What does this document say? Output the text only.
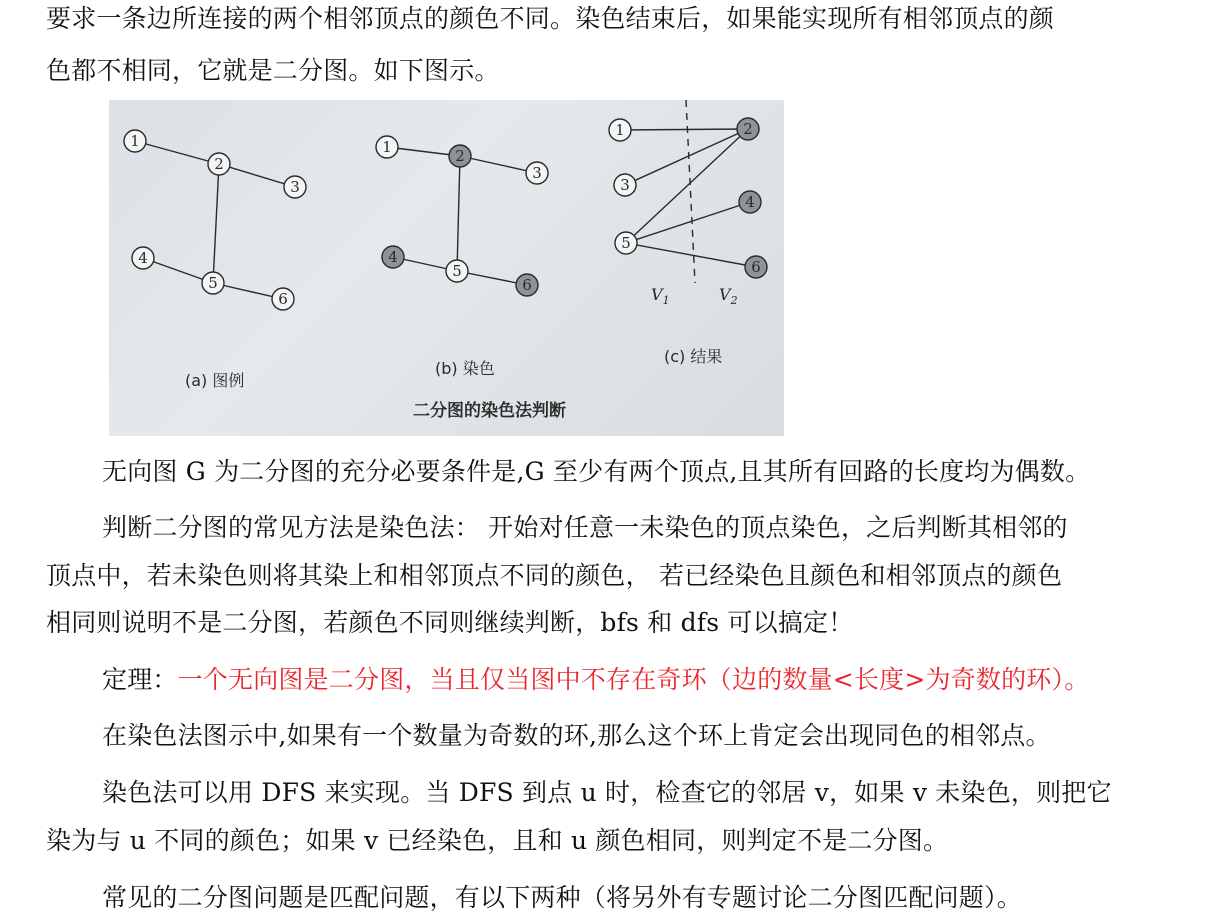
要求一条边所连接的两个相邻顶点的颜色不同。染色结束后，如果能实现所有相邻顶点的颜
色都不相同，它就是二分图。如下图示。
1
2
3
4
5
6
1	2
3
4
5
6
1	2
3
4
5
6
$V_1$	$V_2$
(a) 图例
(b) 染色
(c) 结果
二分图的染色法判断
无向图 G 为二分图的充分必要条件是,G 至少有两个顶点,且其所有回路的长度均为偶数。
判断二分图的常见方法是染色法： 开始对任意一未染色的顶点染色，之后判断其相邻的
顶点中，若未染色则将其染上和相邻顶点不同的颜色， 若已经染色且颜色和相邻顶点的颜色
相同则说明不是二分图，若颜色不同则继续判断，bfs 和 dfs 可以搞定！
定理：一个无向图是二分图，当且仅当图中不存在奇环（边的数量<长度>为奇数的环）。
在染色法图示中,如果有一个数量为奇数的环,那么这个环上肯定会出现同色的相邻点。
染色法可以用 DFS 来实现。当 DFS 到点 u 时，检查它的邻居 v，如果 v 未染色，则把它
染为与 u 不同的颜色；如果 v 已经染色，且和 u 颜色相同，则判定不是二分图。
常见的二分图问题是匹配问题，有以下两种（将另外有专题讨论二分图匹配问题）。
